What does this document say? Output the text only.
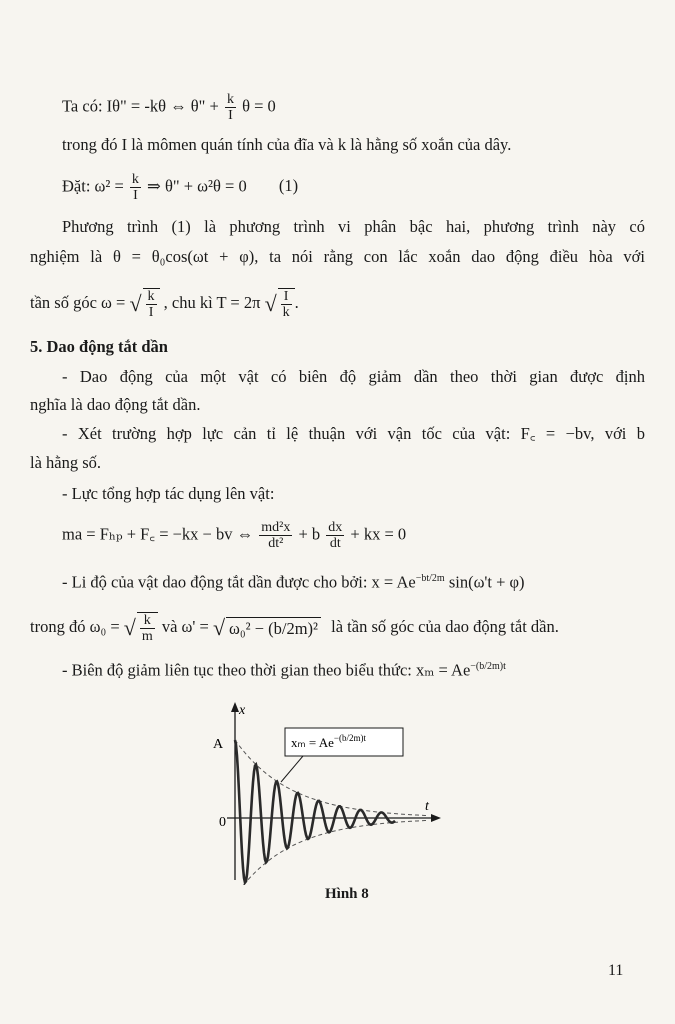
Ta có: Iθ" = -kθ ⇔ θ" + $\frac{k}{I}$ θ = 0
trong đó I là mômen quán tính của đĩa và k là hằng số xoắn của dây.
Đặt: $\omega^2 = \frac{k}{I}$ ⇒ θ" + ω²θ = 0 (1)
Phương trình (1) là phương trình vi phân bậc hai, phương trình này có
nghiệm là θ = θ₀cos(ωt + φ), ta nói rằng con lắc xoắn dao động điều hòa với
tần số góc ω = √ $\frac{k}{I}$ , chu kì T = 2π √ $\frac{I}{k}$ .
5. Dao động tắt dần
- Dao động của một vật có biên độ giảm dần theo thời gian được định
nghĩa là dao động tắt dần.
- Xét trường hợp lực cản tỉ lệ thuận với vận tốc của vật: F꜀ = −bv, với b
là hằng số.
- Lực tổng hợp tác dụng lên vật:
ma = Fₕₚ + F꜀ = −kx − bv ⇔ $\frac{\text{md²x}}{\text{dt²}} + b \frac{dx}{dt}$ + kx = 0
- Li độ của vật dao động tắt dần được cho bởi: $x = Ae^{-bt/2m}$ sin(ω't + φ)
trong đó ω₀ = √ $\frac{k}{m}$ và ω' = √ ω₀² − (b/2m)² là tần số góc của dao động tắt dần.
- Biên độ giảm liên tục theo thời gian theo biểu thức: $x_m = Ae^{-(b/2m)t}$
x
t
A
0
$x_m = Ae^{-(b/2m)t}$
Hình 8
11
